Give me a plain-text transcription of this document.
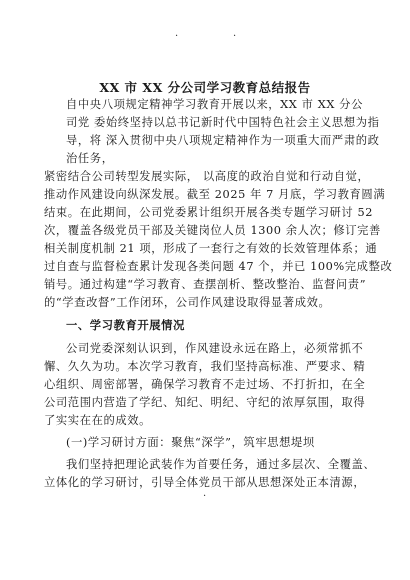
·	·
XX 市 XX 分公司学习教育总结报告
自中央八项规定精神学习教育开展以来，XX 市 XX 分公
司党 委始终坚持以总书记新时代中国特色社会主义思想为指
导，将 深入贯彻中央八项规定精神作为一项重大而严肃的政
治任务，
紧密结合公司转型发展实际， 以高度的政治自觉和行动自觉，
推动作风建设向纵深发展。截至 2025 年 7 月底，学习教育圆满
结束。在此期间，公司党委累计组织开展各类专题学习研讨 52
次，覆盖各级党员干部及关键岗位人员 1300 余人次；修订完善
相关制度机制 21 项，形成了一套行之有效的长效管理体系；通
过自查与监督检查累计发现各类问题 47 个，并已 100%完成整改
销号。通过构建“学习教育、查摆剖析、整改整治、监督问责”
的“学查改督”工作闭环，公司作风建设取得显著成效。
一、学习教育开展情况
公司党委深刻认识到，作风建设永远在路上，必须常抓不
懈、久久为功。本次学习教育，我们坚持高标准、严要求、精
心组织、周密部署，确保学习教育不走过场、不打折扣，在全
公司范围内营造了学纪、知纪、明纪、守纪的浓厚氛围，取得
了实实在在的成效。
(一)学习研讨方面：聚焦“深学”，筑牢思想堤坝
我们坚持把理论武装作为首要任务，通过多层次、全覆盖、
立体化的学习研讨，引导全体党员干部从思想深处正本清源，
·
